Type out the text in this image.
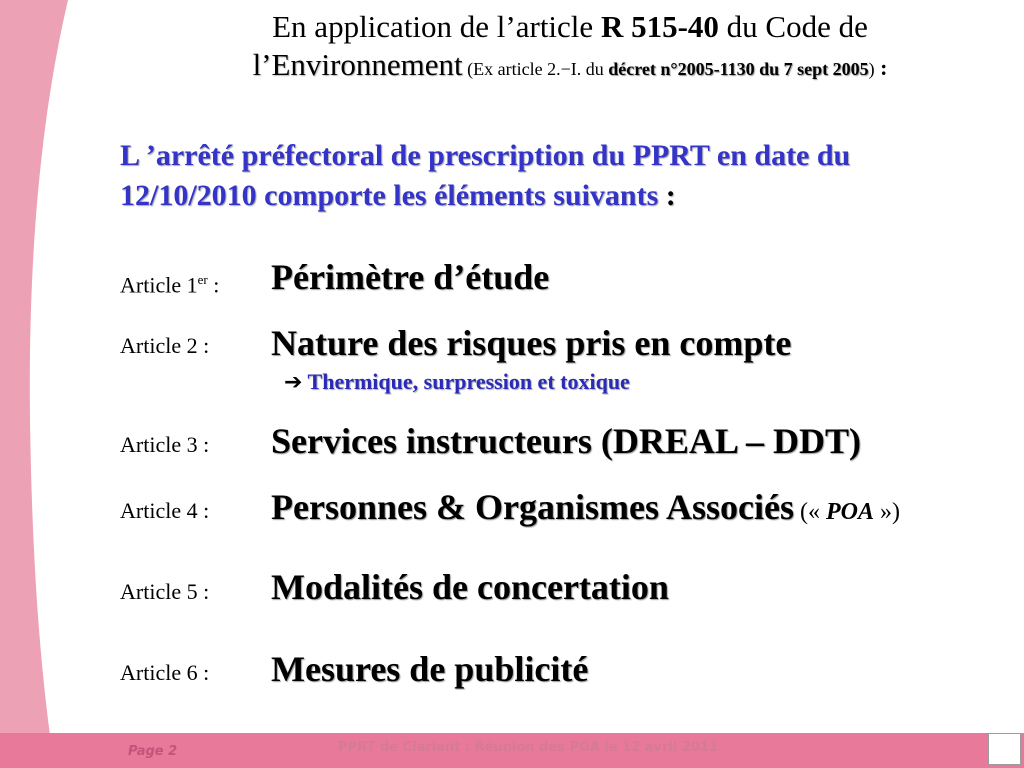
En application de l’article R 515-40 du Code de
l’Environnement (Ex article 2.−I. du décret n°2005-1130 du 7 sept 2005) :
L ’arrêté préfectoral de prescription du PPRT en date du 12/10/2010 comporte les éléments suivants :
Article 1er : Périmètre d’étude
Article 2 : Nature des risques pris en compte
➔ Thermique, surpression et toxique
Article 3 : Services instructeurs (DREAL – DDT)
Article 4 : Personnes & Organismes Associés (« POA »)
Article 5 : Modalités de concertation
Article 6 : Mesures de publicité
Page 2	PPRT de Clariant : Réunion des POA le 12 avril 2011
